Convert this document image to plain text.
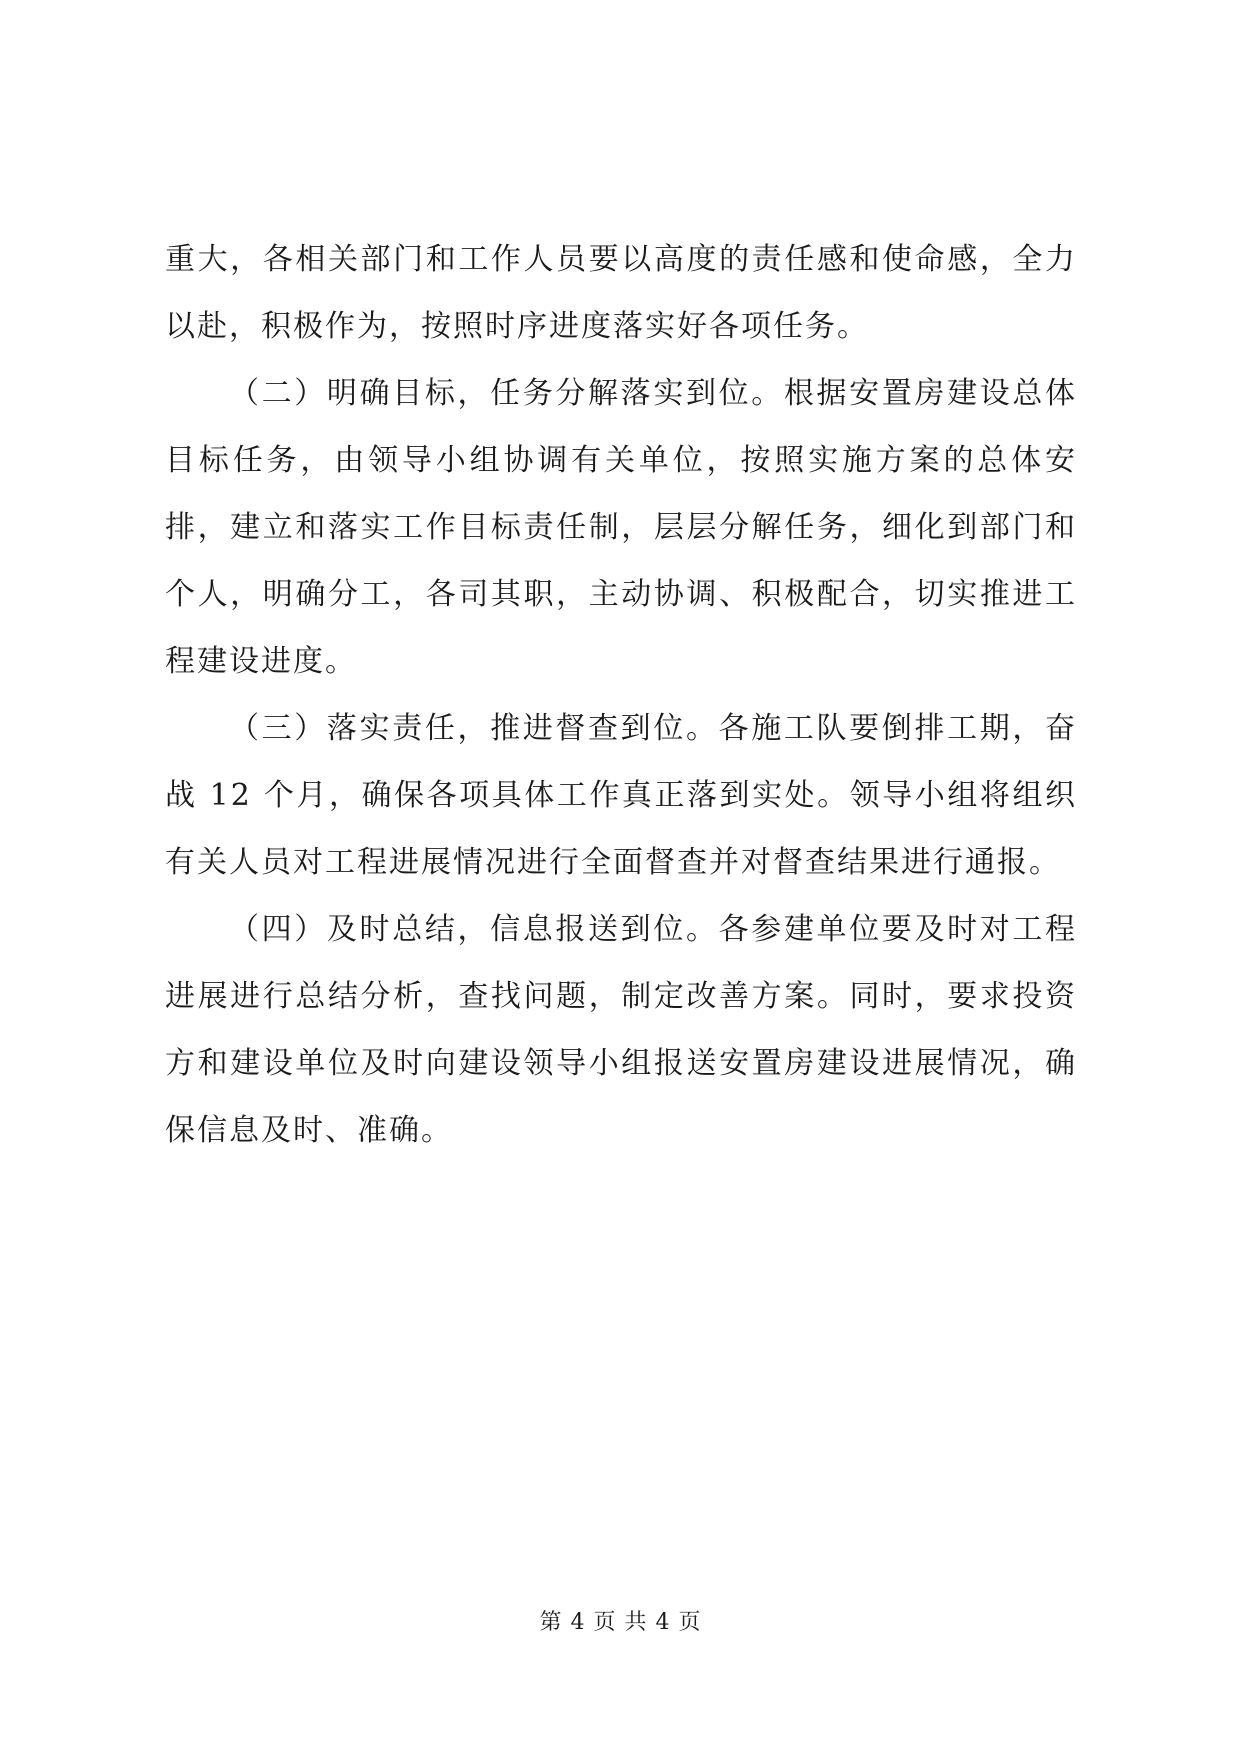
重大，各相关部门和工作人员要以高度的责任感和使命感，全力以赴，积极作为，按照时序进度落实好各项任务。

（二）明确目标，任务分解落实到位。根据安置房建设总体目标任务，由领导小组协调有关单位，按照实施方案的总体安排，建立和落实工作目标责任制，层层分解任务，细化到部门和个人，明确分工，各司其职，主动协调、积极配合，切实推进工程建设进度。

（三）落实责任，推进督查到位。各施工队要倒排工期，奋战 12 个月，确保各项具体工作真正落到实处。领导小组将组织有关人员对工程进展情况进行全面督查并对督查结果进行通报。

（四）及时总结，信息报送到位。各参建单位要及时对工程进展进行总结分析，查找问题，制定改善方案。同时，要求投资方和建设单位及时向建设领导小组报送安置房建设进展情况，确保信息及时、准确。

第 4 页 共 4 页
